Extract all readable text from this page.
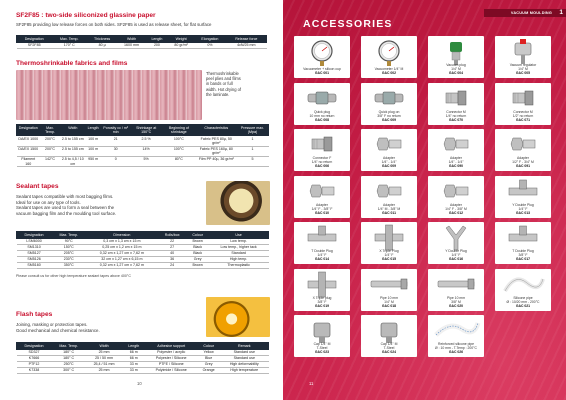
SF2F85 : two-side siliconized glassine paper
SF2F85 providing low release forces on both sides. SF2F85 is used as release sheet, for flat surface
Designation	Max. Temp.	Thickness	Width	Length	Weight	Elongation	Release force
SF2F85	170° C	80 µ	1600 mm	200	80 gr/m²	0%	4cN/25 mm
Thermoshrinkable fabrics and films
Thermoshrinkable
peel plies and films
in bands or full
width. Hot drying of
the laminate.
Designation	Max. Temp.	Width	Length	Porosity cc / m² min	Shrinkage at 150°C	Beginning of shrinkage	Characteristics	Pressure max. (Mpa)
DA/EX 1000	200°C	2.5 to 155 cm	100 m	21	2.5 %	100°C	Fabric PES 80µ, 50 gr/m²	1
DA/EX 1500	200°C	2.5 to 155 cm	100 m	30	14%	100°C	Fabric PES 160µ, 80 gr/m²	1
Filament 160	142°C	2.5 to 4,5 / 10 cm	950 m	0	5%	80°C	Film PP 40µ, 36 gr/m²	5
Sealant tapes
Sealant tapes compatible with most bagging films.
Ideal for use on any type of tools.
Sealant tapes are used to form a seal between the
vacuum bagging film and the moulding tool surface.
Designation	Max. Temp.	Dimension	Rolls/box	Colour	Use
LSM6000	90°C	0,3 cm x 1,3 cm x 15 m	22	Brown	Low temp.
SM1310	150°C	0,25 cm x 1,2 cm x 15 m	27	Black	Low temp., higher tack
SM5127	205°C	0,32 cm x 1,27 cm x 7,62 m	40	Black	Standard
SM5126	230°C	32 cm x 1,27 cm x 6,15 m	36	Grey	High temp.
SM5160	350°C	0,32 cm x 1,27 cm x 7,62 m	24	Brown	Thermoplastic
Please consult us for other high temperature sealant tapes above 400°C
Flash tapes
Joining, masking or protection tapes.
Good mechanical and chemical resistance.
Designation	Max. Temp.	Width	Length	Adhesive support	Colour	Remark
SD327	180° C	25 mm	66 m	Polyester / acrylic	Yellow	Standard use
K7666	180° C	25 / 50 mm	66 m	Polyester / Silicone	Blue	Standard use
PTF12	250°C	25,4 / 51 mm	33 m	PTFE / Silicone	Grey	High deformability
K7338	300° C	25 mm	33 m	Polyimide / Silicone	Orange	High temperature
10
VACUUM MOULDING 1
ACCESSORIES
Vacuometer + silicon cup
GAC 001
Vacuometer 1/4" M
GAC 002
Vacuum plug
1/4" M
GAC 004
Vacuum regulator
1/4" M
GAC 005
Quick plug
10 mm no return
GAC 008
Quick plug on
3/8" F no return
GAC 009
Connector M
1/4" no return
GAC 070
Connector M
1/2" no return
GAC 071
Connector F
1/4" no return
GAC 006
Adapter
1/4" - 1/4"
GAC 009
Adapter
1/4" - 1/4"
GAC 090
Adapter
1/2" F - 3/4" M
GAC 091
Adapter
1/4" F - 3/8" F
GAC 010
Adapter
1/4" M - 3/8" M
GAC 011
Adapter
1/4" F - 3/8" M
GAC 012
Y Double Plug
1/4" F
GAC 013
T Double Plug
1/4" F
GAC 014
X Triple Plug
1/4" F
GAC 015
Y Double Plug
1/4" F
GAC 016
T Double Plug
3/8" F
GAC 017
X Triple plug
3/8" F
GAC 019
Pipe 10 mm
1/4" M
GAC 018
Pipe 10 mm
3/8" M
GAC 020
Silicone pipe
Ø : 10/20 mm - 200°C
GAC 021
Cap 1/4" M
T-Steel
GAC 023
Cap 1/4" M
T-Steel
GAC 024
Reinforced silicone pipe
Ø : 10 mm - T.Temp : 200°C
GAC 026
11
